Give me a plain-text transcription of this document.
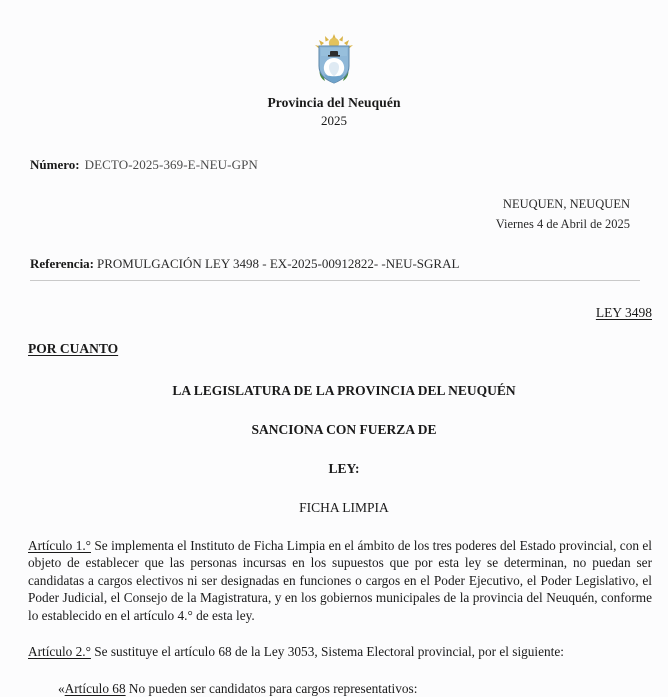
Provincia del Neuquén
2025
Número: DECTO-2025-369-E-NEU-GPN
NEUQUEN, NEUQUEN
Viernes 4 de Abril de 2025
Referencia: PROMULGACIÓN LEY 3498 - EX-2025-00912822- -NEU-SGRAL
LEY 3498
POR CUANTO
LA LEGISLATURA DE LA PROVINCIA DEL NEUQUÉN
SANCIONA CON FUERZA DE
LEY:
FICHA LIMPIA

Artículo 1.° Se implementa el Instituto de Ficha Limpia en el ámbito de los tres poderes del Estado provincial, con el objeto de establecer que las personas incursas en los supuestos que por esta ley se determinan, no puedan ser candidatas a cargos electivos ni ser designadas en funciones o cargos en el Poder Ejecutivo, el Poder Legislativo, el Poder Judicial, el Consejo de la Magistratura, y en los gobiernos municipales de la provincia del Neuquén, conforme lo establecido en el artículo 4.° de esta ley.

Artículo 2.° Se sustituye el artículo 68 de la Ley 3053, Sistema Electoral provincial, por el siguiente:

«Artículo 68 No pueden ser candidatos para cargos representativos:
